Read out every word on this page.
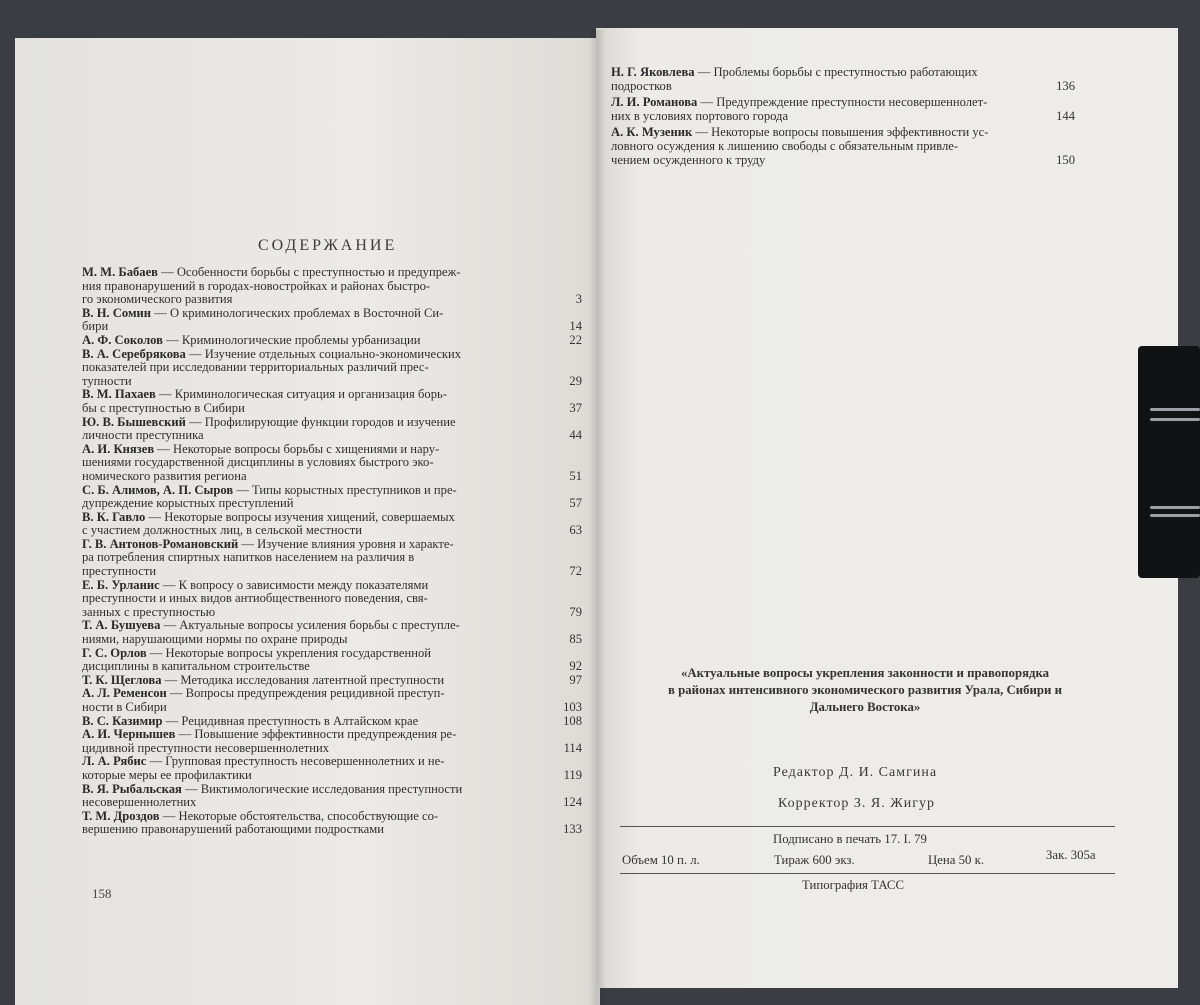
СОДЕРЖАНИЕ
М. М. Бабаев — Особенности борьбы с преступностью и предупреж-
ния правонарушений в городах-новостройках и районах быстро-
го экономического развития	3
В. Н. Сомин — О криминологических проблемах в Восточной Си-
бири	14
А. Ф. Соколов — Криминологические проблемы урбанизации	22
В. А. Серебрякова — Изучение отдельных социально-экономических
показателей при исследовании территориальных различий прес-
тупности	29
В. М. Пахаев — Криминологическая ситуация и организация борь-
бы с преступностью в Сибири	37
Ю. В. Бышевский — Профилирующие функции городов и изучение
личности преступника	44
А. И. Князев — Некоторые вопросы борьбы с хищениями и нару-
шениями государственной дисциплины в условиях быстрого эко-
номического развития региона	51
С. Б. Алимов, А. П. Сыров — Типы корыстных преступников и пре-
дупреждение корыстных преступлений	57
В. К. Гавло — Некоторые вопросы изучения хищений, совершаемых
с участием должностных лиц, в сельской местности	63
Г. В. Антонов-Романовский — Изучение влияния уровня и характе-
ра потребления спиртных напитков населением на различия в
преступности	72
Е. Б. Урланис — К вопросу о зависимости между показателями
преступности и иных видов антиобщественного поведения, свя-
занных с преступностью	79
Т. А. Бушуева — Актуальные вопросы усиления борьбы с преступле-
ниями, нарушающими нормы по охране природы	85
Г. С. Орлов — Некоторые вопросы укрепления государственной
дисциплины в капитальном строительстве	92
Т. К. Щеглова — Методика исследования латентной преступности	97
А. Л. Ременсон — Вопросы предупреждения рецидивной преступ-
ности в Сибири	103
В. С. Казимир — Рецидивная преступность в Алтайском крае	108
А. И. Чернышев — Повышение эффективности предупреждения ре-
цидивной преступности несовершеннолетних	114
Л. А. Рябис — Групповая преступность несовершеннолетних и не-
которые меры ее профилактики	119
В. Я. Рыбальская — Виктимологические исследования преступности
несовершеннолетних	124
Т. М. Дроздов — Некоторые обстоятельства, способствующие со-
вершению правонарушений работающими подростками	133
Н. Г. Яковлева — Проблемы борьбы с преступностью работающих
подростков	136
Л. И. Романова — Предупреждение преступности несовершеннолет-
них в условиях портового города	144
А. К. Музеник — Некоторые вопросы повышения эффективности ус-
ловного осуждения к лишению свободы с обязательным привле-
чением осужденного к труду	150
158
«Актуальные вопросы укрепления законности и правопорядка
в районах интенсивного экономического развития Урала, Сибири и
Дальнего Востока»
Редактор Д. И. Самгина
Корректор З. Я. Жигур
Подписано в печать 17. I. 79
Объем 10 п. л.	Тираж 600 экз.	Цена 50 к.	Зак. 305а
Типография ТАСС
